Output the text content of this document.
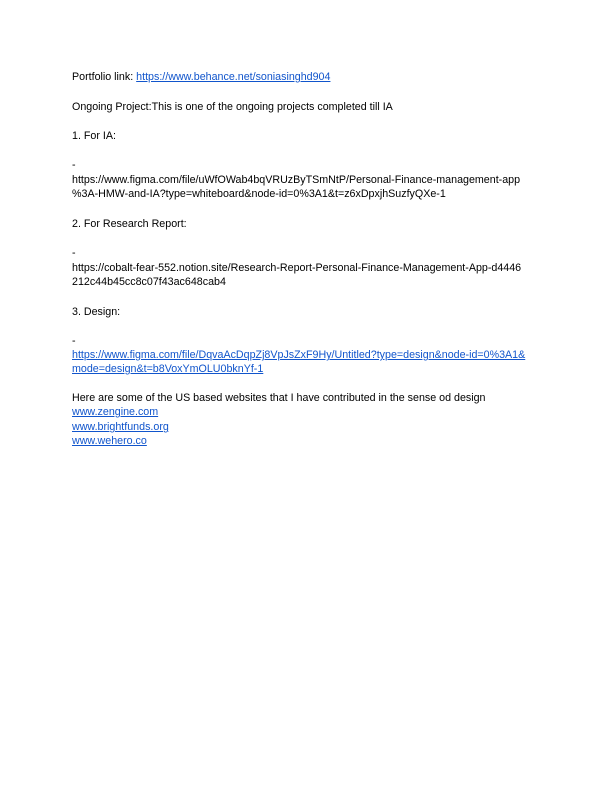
Portfolio link: https://www.behance.net/soniasinghd904
Ongoing Project:This is one of the ongoing projects completed till IA
1. For IA:
-
https://www.figma.com/file/uWfOWab4bqVRUzByTSmNtP/Personal-Finance-management-app
%3A-HMW-and-IA?type=whiteboard&node-id=0%3A1&t=z6xDpxjhSuzfyQXe-1
2. For Research Report:
-
https://cobalt-fear-552.notion.site/Research-Report-Personal-Finance-Management-App-d4446
212c44b45cc8c07f43ac648cab4
3. Design:
-
https://www.figma.com/file/DqvaAcDqpZj8VpJsZxF9Hy/Untitled?type=design&node-id=0%3A1&
mode=design&t=b8VoxYmOLU0bknYf-1
Here are some of the US based websites that I have contributed in the sense od design
www.zengine.com
www.brightfunds.org
www.wehero.co
